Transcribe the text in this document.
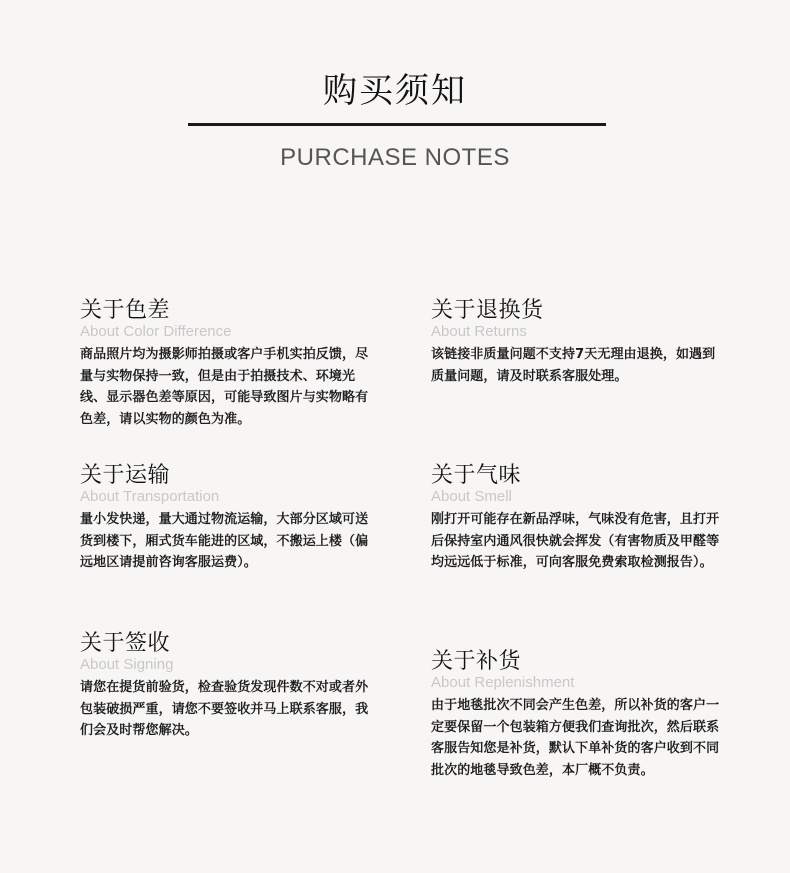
购买须知
PURCHASE NOTES
关于色差
About Color Difference
商品照片均为摄影师拍摄或客户手机实拍反馈，尽量与实物保持一致，但是由于拍摄技术、环境光线、显示器色差等原因，可能导致图片与实物略有色差，请以实物的颜色为准。
关于运输
About Transportation
量小发快递，量大通过物流运输，大部分区域可送货到楼下，厢式货车能进的区域，不搬运上楼（偏远地区请提前咨询客服运费）。
关于签收
About Signing
请您在提货前验货，检查验货发现件数不对或者外包装破损严重，请您不要签收并马上联系客服，我们会及时帮您解决。
关于退换货
About Returns
该链接非质量问题不支持7天无理由退换，如遇到质量问题，请及时联系客服处理。
关于气味
About Smell
刚打开可能存在新品浮味，气味没有危害，且打开后保持室内通风很快就会挥发（有害物质及甲醛等均远远低于标准，可向客服免费索取检测报告）。
关于补货
About Replenishment
由于地毯批次不同会产生色差，所以补货的客户一定要保留一个包装箱方便我们查询批次，然后联系客服告知您是补货，默认下单补货的客户收到不同批次的地毯导致色差，本厂概不负责。
